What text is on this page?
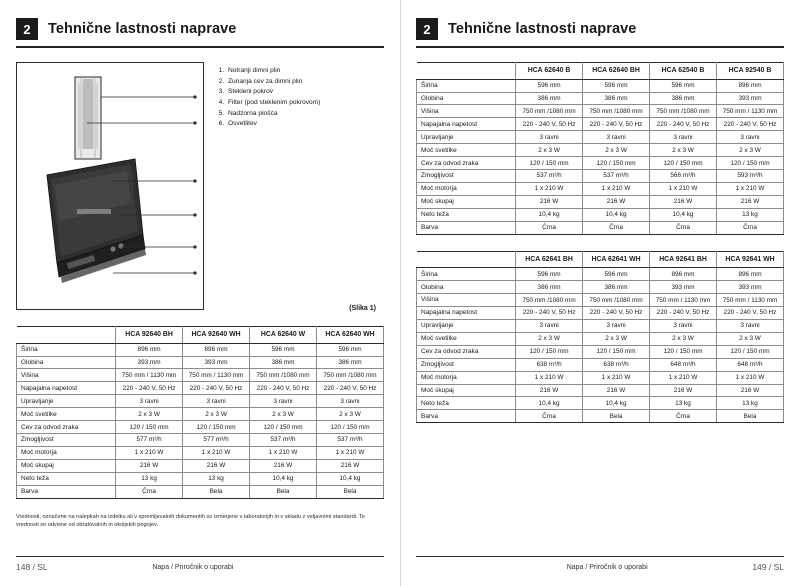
2	Tehnične lastnosti naprave
1. Notranji dimni plin
2. Zunanja cev za dimni plin
3. Stekleni pokrov
4. Filter (pod steklenim pokrovom)
5. Nadzorna plošča
6. Osvetlitev
(Slika 1)
	HCA 92640 BH	HCA 92640 WH	HCA 62640 W	HCA 62640 WH
Širina	896 mm	896 mm	596 mm	596 mm
Globina	393 mm	393 mm	386 mm	386 mm
Višina	750 mm / 1130 mm	750 mm / 1130 mm	750 mm /1080 mm	750 mm /1080 mm
Napajalna napetost	220 - 240 V, 50 Hz	220 - 240 V, 50 Hz	220 - 240 V, 50 Hz	220 - 240 V, 50 Hz
Upravljanje	3 ravni	3 ravni	3 ravni	3 ravni
Moč svetilke	2 x 3 W	2 x 3 W	2 x 3 W	2 x 3 W
Cev za odvod zraka	120 / 150 mm	120 / 150 mm	120 / 150 mm	120 / 150 mm
Zmogljivost	577 m³/h	577 m³/h	537 m³/h	537 m³/h
Moč motorja	1 x 210 W	1 x 210 W	1 x 210 W	1 x 210 W
Moč skupaj	216 W	216 W	216 W	216 W
Neto teža	13 kg	13 kg	10,4 kg	10,4 kg
Barva	Črna	Bela	Bela	Bela
Vrednosti, označene na nalepkah na izdelku ali v spremljevalnih dokumentih so izmerjene v laboratorijih in v skladu z veljavnimi standardi. Te vrednosti so odvisne od obratovalnih in okoljskih pogojev.
148 / SL	Napa / Priročnik o uporabi
2	Tehnične lastnosti naprave
	HCA 62640 B	HCA 62640 BH	HCA 62540 B	HCA 92540 B
Širina	596 mm	596 mm	596 mm	896 mm
Globina	386 mm	386 mm	386 mm	393 mm
Višina	750 mm /1080 mm	750 mm /1080 mm	750 mm /1080 mm	750 mm / 1130 mm
Napajalna napetost	220 - 240 V, 50 Hz	220 - 240 V, 50 Hz	220 - 240 V, 50 Hz	220 - 240 V, 50 Hz
Upravljanje	3 ravni	3 ravni	3 ravni	3 ravni
Moč svetilke	2 x 3 W	2 x 3 W	2 x 3 W	2 x 3 W
Cev za odvod zraka	120 / 150 mm	120 / 150 mm	120 / 150 mm	120 / 150 mm
Zmogljivost	537 m³/h	537 m³/h	566 m³/h	593 m³/h
Moč motorja	1 x 210 W	1 x 210 W	1 x 210 W	1 x 210 W
Moč skupaj	216 W	216 W	216 W	216 W
Neto teža	10,4 kg	10,4 kg	10,4 kg	13 kg
Barva	Črna	Črna	Črna	Črna
	HCA 62641 BH	HCA 62641 WH	HCA 92641 BH	HCA 92641 WH
Širina	596 mm	596 mm	896 mm	896 mm
Globina	386 mm	386 mm	393 mm	393 mm
Višina	750 mm /1080 mm	750 mm /1080 mm	750 mm / 1130 mm	750 mm / 1130 mm
Napajalna napetost	220 - 240 V, 50 Hz	220 - 240 V, 50 Hz	220 - 240 V, 50 Hz	220 - 240 V, 50 Hz
Upravljanje	3 ravni	3 ravni	3 ravni	3 ravni
Moč svetilke	2 x 3 W	2 x 3 W	2 x 3 W	2 x 3 W
Cev za odvod zraka	120 / 150 mm	120 / 150 mm	120 / 150 mm	120 / 150 mm
Zmogljivost	638 m³/h	638 m³/h	648 m³/h	648 m³/h
Moč motorja	1 x 210 W	1 x 210 W	1 x 210 W	1 x 210 W
Moč skupaj	216 W	216 W	216 W	216 W
Neto teža	10,4 kg	10,4 kg	13 kg	13 kg
Barva	Črna	Bela	Črna	Bela
Napa / Priročnik o uporabi	149 / SL
